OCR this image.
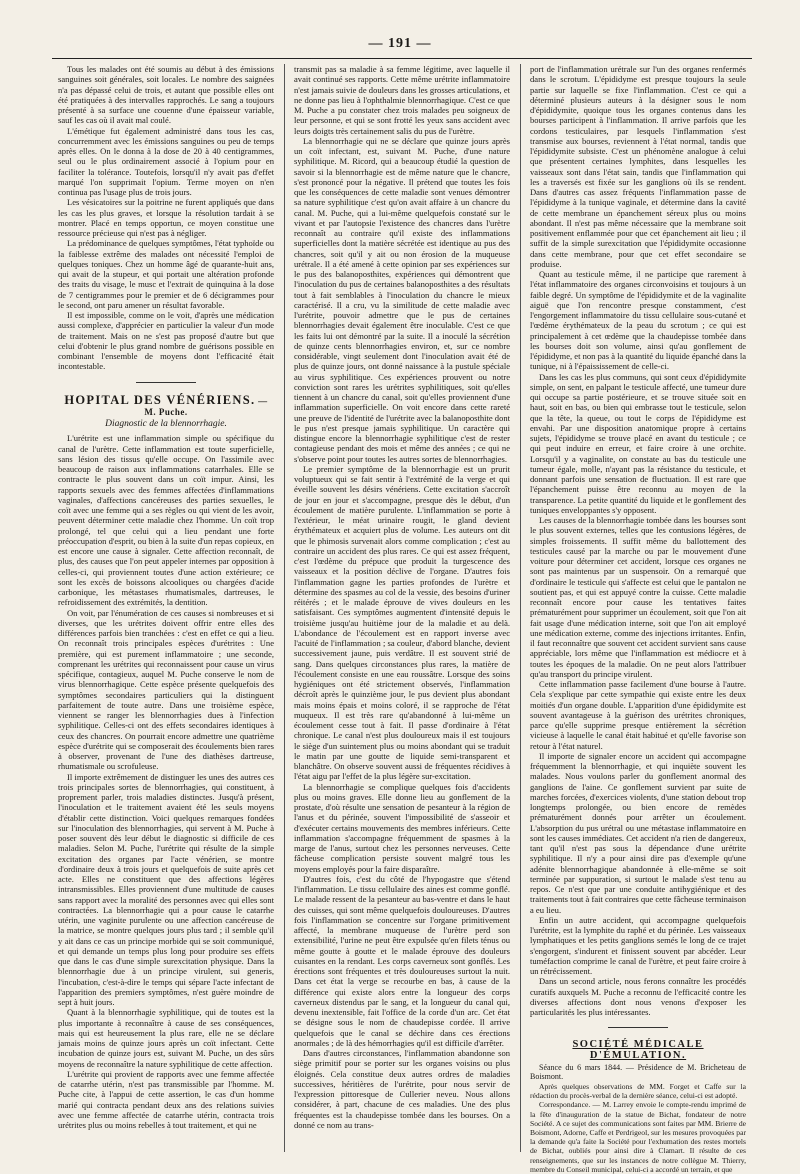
— 191 —

Tous les malades ont été soumis au début à des émissions sanguines soit générales, soit locales. Le nombre des saignées n'a pas dépassé celui de trois, et autant que possible elles ont été pratiquées à des intervalles rapprochés. Le sang a toujours présenté à sa surface une couenne d'une épaisseur variable, sauf les cas où il avait mal coulé.

L'émétique fut également administré dans tous les cas, concurremment avec les émissions sanguines ou peu de temps après elles. On le donna à la dose de 20 à 40 centigrammes, seul ou le plus ordinairement associé à l'opium pour en faciliter la tolérance. Toutefois, lorsqu'il n'y avait pas d'effet marqué l'on supprimait l'opium. Terme moyen on n'en continua pas l'usage plus de trois jours.

Les vésicatoires sur la poitrine ne furent appliqués que dans les cas les plus graves, et lorsque la résolution tardait à se montrer. Placé en temps opportun, ce moyen constitue une ressource précieuse qui n'est pas à négliger.

La prédominance de quelques symptômes, l'état typhoïde ou la faiblesse extrême des malades ont nécessité l'emploi de quelques toniques. Chez un homme âgé de quarante-huit ans, qui avait de la stupeur, et qui portait une altération profonde des traits du visage, le musc et l'extrait de quinquina à la dose de 7 centigrammes pour le premier et de 6 décigrammes pour le second, ont paru amener un résultat favorable.

Il est impossible, comme on le voit, d'après une médication aussi complexe, d'apprécier en particulier la valeur d'un mode de traitement. Mais on ne s'est pas proposé d'autre but que celui d'obtenir le plus grand nombre de guérisons possible en combinant l'ensemble de moyens dont l'efficacité était incontestable.

HOPITAL DES VÉNÉRIENS. — M. Puche.
Diagnostic de la blennorrhagie.

L'urétrite est une inflammation simple ou spécifique du canal de l'urètre. Cette inflammation est toute superficielle, sans lésion des tissus qu'elle occupe. On l'assimile avec beaucoup de raison aux inflammations catarrhales. Elle se contracte le plus souvent dans un coït impur. Ainsi, les rapports sexuels avec des femmes affectées d'inflammations vaginales, d'affections cancéreuses des parties sexuelles, le coït avec une femme qui a ses règles ou qui vient de les avoir, peuvent déterminer cette maladie chez l'homme. Un coït trop prolongé, tel que celui qui a lieu pendant une forte préoccupation d'esprit, ou bien à la suite d'un repas copieux, en est encore une cause à signaler. Cette affection reconnaît, de plus, des causes que l'on peut appeler internes par opposition à celles-ci, qui proviennent toutes d'une action extérieure; ce sont les excès de boissons alcooliques ou chargées d'acide carbonique, les métastases rhumatismales, dartreuses, le refroidissement des extrémités, la dentition.

On voit, par l'énumération de ces causes si nombreuses et si diverses, que les urétrites doivent offrir entre elles des différences parfois bien tranchées : c'est en effet ce qui a lieu. On reconnaît trois principales espèces d'urétrites : Une première, qui est purement inflammatoire ; une seconde, comprenant les urétrites qui reconnaissent pour cause un virus spécifique, contagieux, auquel M. Puche conserve le nom de virus blennorrhagique. Cette espèce présente quelquefois des symptômes secondaires particuliers qui la distinguent parfaitement de toute autre. Dans une troisième espèce, viennent se ranger les blennorrhagies dues à l'infection syphilitique. Celles-ci ont des effets secondaires identiques à ceux des chancres. On pourrait encore admettre une quatrième espèce d'urétrite qui se composerait des écoulements bien rares à observer, provenant de l'une des diathèses dartreuse, rhumatismale ou scrofuleuse.

Il importe extrêmement de distinguer les unes des autres ces trois principales sortes de blennorrhagies, qui constituent, à proprement parler, trois maladies distinctes. Jusqu'à présent, l'inoculation et le traitement avaient été les seuls moyens d'établir cette distinction. Voici quelques remarques fondées sur l'inoculation des blennorrhagies, qui servent à M. Puche à poser souvent dès leur début le diagnostic si difficile de ces maladies. Selon M. Puche, l'urétrite qui résulte de la simple excitation des organes par l'acte vénérien, se montre d'ordinaire deux à trois jours et quelquefois de suite après cet acte. Elles ne constituent que des affections légères intransmissibles. Elles proviennent d'une multitude de causes sans rapport avec la moralité des personnes avec qui elles sont contractées. La blennorrhagie qui a pour cause le catarrhe utérin, une vaginite purulente ou une affection cancéreuse de la matrice, se montre quelques jours plus tard ; il semble qu'il y ait dans ce cas un principe morbide qui se soit communiqué, et qui demande un temps plus long pour produire ses effets que dans le cas d'une simple surexcitation physique. Dans la blennorrhagie due à un principe virulent, sui generis, l'incubation, c'est-à-dire le temps qui sépare l'acte infectant de l'apparition des premiers symptômes, n'est guère moindre de sept à huit jours.

Quant à la blennorrhagie syphilitique, qui de toutes est la plus importante à reconnaître à cause de ses conséquences, mais qui est heureusement la plus rare, elle ne se déclare jamais moins de quinze jours après un coït infectant. Cette incubation de quinze jours est, suivant M. Puche, un des sûrs moyens de reconnaître la nature syphilitique de cette affection.

L'urétrite qui provient de rapports avec une femme affectée de catarrhe utérin, n'est pas transmissible par l'homme. M. Puche cite, à l'appui de cette assertion, le cas d'un homme marié qui contracta pendant deux ans des relations suivies avec une femme affectée de catarrhe utérin, contracta trois urétrites plus ou moins rebelles à tout traitement, et qui ne

transmit pas sa maladie à sa femme légitime, avec laquelle il avait continué ses rapports. Cette même urétrite inflammatoire n'est jamais suivie de douleurs dans les grosses articulations, et ne donne pas lieu à l'ophthalmie blennorrhagique. C'est ce que M. Puche a pu constater chez trois malades peu soigneux de leur personne, et qui se sont frotté les yeux sans accident avec leurs doigts très certainement salis du pus de l'urètre.

La blennorrhagie qui ne se déclare que quinze jours après un coït infectant, est, suivant M. Puche, d'une nature syphilitique. M. Ricord, qui a beaucoup étudié la question de savoir si la blennorrhagie est de même nature que le chancre, s'est prononcé pour la négative. Il prétend que toutes les fois que les conséquences de cette maladie sont venues démontrer sa nature syphilitique c'est qu'on avait affaire à un chancre du canal. M. Puche, qui a lui-même quelquefois constaté sur le vivant et par l'autopsie l'existence des chancres dans l'urètre reconnaît au contraire qu'il existe des inflammations superficielles dont la matière sécrétée est identique au pus des chancres, soit qu'il y ait ou non érosion de la muqueuse urétrale. Il a été amené à cette opinion par ses expériences sur le pus des balanoposthites, expériences qui démontrent que l'inoculation du pus de certaines balanoposthites a des résultats tout à fait semblables à l'inoculation du chancre le mieux caractérisé. Il a cru, vu la similitude de cette maladie avec l'urétrite, pouvoir admettre que le pus de certaines blennorrhagies devait également être inoculable. C'est ce que les faits lui ont démontré par la suite. Il a inoculé la sécrétion de quinze cents blennorrhagies environ, et, sur ce nombre considérable, vingt seulement dont l'inoculation avait été de plus de quinze jours, ont donné naissance à la pustule spéciale au virus syphilitique. Ces expériences prouvent ou notre conviction sont rares les urétrites syphilitiques, soit qu'elles tiennent à un chancre du canal, soit qu'elles proviennent d'une inflammation superficielle. On voit encore dans cette rareté une preuve de l'identité de l'urétrite avec la balanoposthite dont le pus n'est presque jamais syphilitique. Un caractère qui distingue encore la blennorrhagie syphilitique c'est de rester contagieuse pendant des mois et même des années ; ce qui ne s'observe point pour toutes les autres sortes de blennorrhagies.

Le premier symptôme de la blennorrhagie est un prurit voluptueux qui se fait sentir à l'extrémité de la verge et qui éveille souvent les désirs vénériens. Cette excitation s'accroît de jour en jour et s'accompagne, presque dès le début, d'un écoulement de matière purulente. L'inflammation se porte à l'extérieur, le méat urinaire rougit, le gland devient érythémateux et acquiert plus de volume. Les auteurs ont dit que le phimosis survenait alors comme complication ; c'est au contraire un accident des plus rares. Ce qui est assez fréquent, c'est l'œdème du prépuce que produit la turgescence des vaisseaux et la position déclive de l'organe. D'autres fois l'inflammation gagne les parties profondes de l'urètre et détermine des spasmes au col de la vessie, des besoins d'uriner réitérés ; et le malade éprouve de vives douleurs en les satisfaisant. Ces symptômes augmentent d'intensité depuis le troisième jusqu'au huitième jour de la maladie et au delà. L'abondance de l'écoulement est en rapport inverse avec l'acuité de l'inflammation ; sa couleur, d'abord blanche, devient successivement jaune, puis verdâtre. Il est souvent strié de sang. Dans quelques circonstances plus rares, la matière de l'écoulement consiste en une eau roussâtre. Lorsque des soins hygiéniques ont été strictement observés, l'inflammation décroît après le quinzième jour, le pus devient plus abondant mais moins épais et moins coloré, il se rapproche de l'état muqueux. Il est très rare qu'abandonné à lui-même un écoulement cesse tout à fait. Il passe d'ordinaire à l'état chronique. Le canal n'est plus douloureux mais il est toujours le siège d'un suintement plus ou moins abondant qui se traduit le matin par une goutte de liquide semi-transparent et blanchâtre. On observe souvent aussi de fréquentes récidives à l'état aigu par l'effet de la plus légère sur-excitation.

La blennorrhagie se complique quelques fois d'accidents plus ou moins graves. Elle donne lieu au gonflement de la prostate, d'où résulte une sensation de pesanteur à la région de l'anus et du périnée, souvent l'impossibilité de s'asseoir et d'exécuter certains mouvements des membres inférieurs. Cette inflammation s'accompagne fréquemment de spasmes à la marge de l'anus, surtout chez les personnes nerveuses. Cette fâcheuse complication persiste souvent malgré tous les moyens employés pour la faire disparaître.

D'autres fois, c'est du côté de l'hypogastre que s'étend l'inflammation. Le tissu cellulaire des aines est comme gonflé. Le malade ressent de la pesanteur au bas-ventre et dans le haut des cuisses, qui sont même quelquefois douloureuses. D'autres fois l'inflammation se concentre sur l'organe primitivement affecté, la membrane muqueuse de l'urètre perd son extensibilité, l'urine ne peut être expulsée qu'en filets ténus ou même goutte à goutte et le malade éprouve des douleurs cuisantes en la rendant. Les corps caverneux sont gonflés. Les érections sont fréquentes et très douloureuses surtout la nuit. Dans cet état la verge se recourbe en bas, à cause de la différence qui existe alors entre la longueur des corps caverneux distendus par le sang, et la longueur du canal qui, devenu inextensible, fait l'office de la corde d'un arc. Cet état se désigne sous le nom de chaudepisse cordée. Il arrive quelquefois que le canal se déchire dans ces érections anormales ; de là des hémorrhagies qu'il est difficile d'arrêter.

Dans d'autres circonstances, l'inflammation abandonne son siège primitif pour se porter sur les organes voisins ou plus éloignés. Cela constitue deux autres ordres de maladies successives, héritières de l'urétrite, pour nous servir de l'expression pittoresque de Cullerier neveu. Nous allons considérer, à part, chacune de ces maladies. Une des plus fréquentes est la chaudepisse tombée dans les bourses. On a donné ce nom au trans-

port de l'inflammation urétrale sur l'un des organes renfermés dans le scrotum. L'épididyme est presque toujours la seule partie sur laquelle se fixe l'inflammation. C'est ce qui a déterminé plusieurs auteurs à la désigner sous le nom d'épididymite, quoique tous les organes contenus dans les bourses participent à l'inflammation. Il arrive parfois que les cordons testiculaires, par lesquels l'inflammation s'est transmise aux bourses, reviennent à l'état normal, tandis que l'épididymite subsiste. C'est un phénomène analogue à celui que présentent certaines lymphites, dans lesquelles les vaisseaux sont dans l'état sain, tandis que l'inflammation qui les a traversés est fixée sur les ganglions où ils se rendent. Dans d'autres cas assez fréquents l'inflammation passe de l'épididyme à la tunique vaginale, et détermine dans la cavité de cette membrane un épanchement séreux plus ou moins abondant. Il n'est pas même nécessaire que la membrane soit positivement enflammée pour que cet épanchement ait lieu ; il suffit de la simple surexcitation que l'épididymite occasionne dans cette membrane, pour que cet effet secondaire se produise.

Quant au testicule même, il ne participe que rarement à l'état inflammatoire des organes circonvoisins et toujours à un faible degré. Un symptôme de l'épididymite et de la vaginalite aiguë que l'on rencontre presque constamment, c'est l'engorgement inflammatoire du tissu cellulaire sous-cutané et l'œdème érythémateux de la peau du scrotum ; ce qui est principalement à cet œdème que la chaudepisse tombée dans les bourses doit son volume, ainsi qu'au gonflement de l'épididyme, et non pas à la quantité du liquide épanché dans la tunique, ni à l'épaississement de celle-ci.

Dans les cas les plus communs, qui sont ceux d'épididymite simple, on sent, en palpant le testicule affecté, une tumeur dure qui occupe sa partie postérieure, et se trouve située soit en haut, soit en bas, ou bien qui embrasse tout le testicule, selon que la tête, la queue, ou tout le corps de l'épididyme est envahi. Par une disposition anatomique propre à certains sujets, l'épididyme se trouve placé en avant du testicule ; ce qui peut induire en erreur, et faire croire à une orchite. Lorsqu'il y a vaginalite, on constate au bas du testicule une tumeur égale, molle, n'ayant pas la résistance du testicule, et donnant parfois une sensation de fluctuation. Il est rare que l'épanchement puisse être reconnu au moyen de la transparence. La petite quantité du liquide et le gonflement des tuniques enveloppantes s'y opposent.

Les causes de la blennorrhagie tombée dans les bourses sont le plus souvent externes, telles que les contusions légères, de simples froissements. Il suffit même du ballottement des testicules causé par la marche ou par le mouvement d'une voiture pour déterminer cet accident, lorsque ces organes ne sont pas maintenus par un suspensoir. On a remarqué que d'ordinaire le testicule qui s'affecte est celui que le pantalon ne soutient pas, et qui est appuyé contre la cuisse. Cette maladie reconnaît encore pour cause les tentatives faites prématurément pour supprimer un écoulement, soit que l'on ait fait usage d'une médication interne, soit que l'on ait employé une médication externe, comme des injections irritantes. Enfin, il faut reconnaître que souvent cet accident survient sans cause appréciable, lors même que l'inflammation est médiocre et à toutes les époques de la maladie. On ne peut alors l'attribuer qu'au transport du principe virulent.

Cette inflammation passe facilement d'une bourse à l'autre. Cela s'explique par cette sympathie qui existe entre les deux moitiés d'un organe double. L'apparition d'une épididymite est souvent avantageuse à la guérison des urétrites chroniques, parce qu'elle supprime presque entièrement la sécrétion vicieuse à laquelle le canal était habitué et qu'elle favorise son retour à l'état naturel.

Il importe de signaler encore un accident qui accompagne fréquemment la blennorrhagie, et qui inquiète souvent les malades. Nous voulons parler du gonflement anormal des ganglions de l'aine. Ce gonflement survient par suite de marches forcées, d'exercices violents, d'une station debout trop longtemps prolongée, ou bien encore de remèdes prématurément donnés pour arrêter un écoulement. L'absorption du pus urétral ou une métastase inflammatoire en sont les causes immédiates. Cet accident n'a rien de dangereux, tant qu'il n'est pas sous la dépendance d'une urétrite syphilitique. Il n'y a pour ainsi dire pas d'exemple qu'une adénite blennorrhagique abandonnée à elle-même se soit terminée par suppuration, si surtout le malade s'est tenu au repos. Ce n'est que par une conduite antihygiénique et des traitements tout à fait contraires que cette fâcheuse terminaison a eu lieu.

Enfin un autre accident, qui accompagne quelquefois l'urétrite, est la lymphite du raphé et du périnée. Les vaisseaux lymphatiques et les petits ganglions semés le long de ce trajet s'engorgent, s'indurent et finissent souvent par abcéder. Leur tuméfaction comprime le canal de l'urètre, et peut faire croire à un rétrécissement.

Dans un second article, nous ferons connaître les procédés curatifs auxquels M. Puche a reconnu de l'efficacité contre les diverses affections dont nous venons d'exposer les particularités les plus intéressantes.

SOCIÉTÉ MÉDICALE D'ÉMULATION.

Séance du 6 mars 1844. — Présidence de M. Bricheteau de Boismont.

Après quelques observations de MM. Forget et Caffe sur la rédaction du procès-verbal de la dernière séance, celui-ci est adopté.

Correspondance. — M. Larrey envoie le compte-rendu imprimé de la fête d'inauguration de la statue de Bichat, fondateur de notre Société. A ce sujet des communications sont faites par MM. Brierre de Boismont, Adorne, Caffe et Perdrigeol, sur les mesures provoquées par la demande qu'a faite la Société pour l'exhumation des restes mortels de Bichat, oubliés pour ainsi dire à Clamart. Il résulte de ces renseignements, que sur les instances de notre collègue M. Thierry, membre du Conseil municipal, celui-ci a accordé un terrain, et que
